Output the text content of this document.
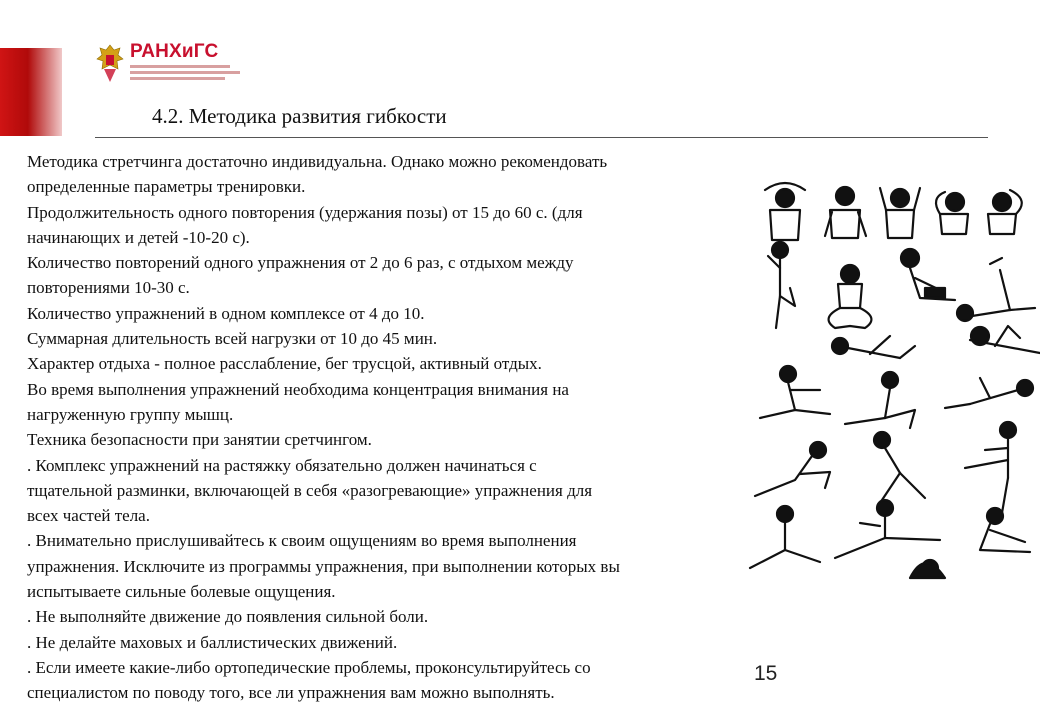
РАНХиГС
4.2. Методика развития гибкости

Методика стретчинга достаточно индивидуальна. Однако можно рекомендовать
определенные параметры тренировки.
Продолжительность одного повторения (удержания позы) от 15 до 60 с. (для
начинающих и детей -10-20 с).
Количество повторений одного упражнения от 2 до 6 раз, с отдыхом между
повторениями 10-30 с.
Количество упражнений в одном комплексе от 4 до 10.
Суммарная длительность всей нагрузки от 10 до 45 мин.
Характер отдыха - полное расслабление, бег трусцой, активный отдых.
Во время выполнения упражнений необходима концентрация внимания на
нагруженную группу мышц.
Техника безопасности при занятии сретчингом.
. Комплекс упражнений на растяжку обязательно должен начинаться с
тщательной разминки, включающей в себя «разогревающие» упражнения для
всех частей тела.
. Внимательно прислушивайтесь к своим ощущениям во время выполнения
упражнения. Исключите из программы упражнения, при выполнении которых вы
испытываете сильные болевые ощущения.
. Не выполняйте движение до появления сильной боли.
. Не делайте маховых и баллистических движений.
. Если имеете какие-либо ортопедические проблемы, проконсультируйтесь со
специалистом по поводу того, все ли упражнения вам можно выполнять.

15
